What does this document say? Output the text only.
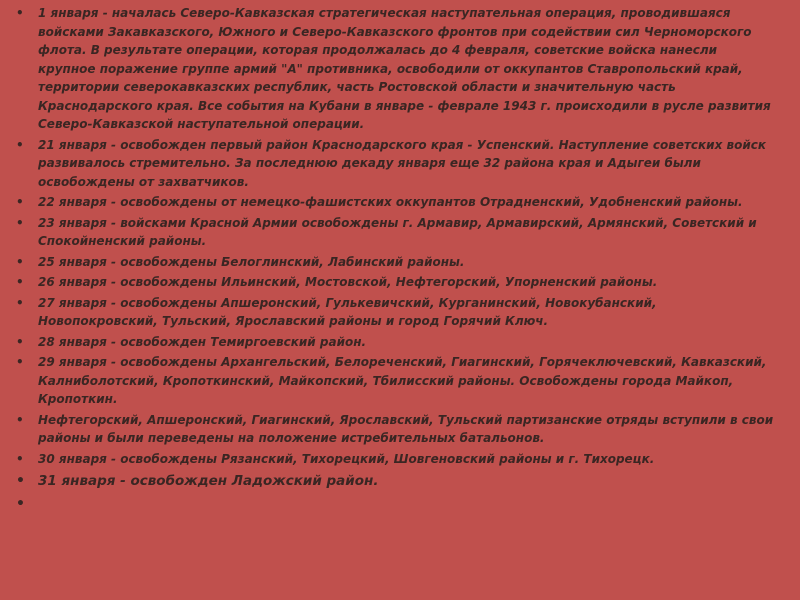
• 1 января - началась Северо-Кавказская стратегическая наступательная операция, проводившаяся войсками Закавказского, Южного и Северо-Кавказского фронтов при содействии сил Черноморского флота. В результате операции, которая продолжалась до 4 февраля, советские войска нанесли крупное поражение группе армий "А" противника, освободили от оккупантов Ставропольский край, территории северокавказских республик, часть Ростовской области и значительную часть Краснодарского края. Все события на Кубани в январе - феврале 1943 г. происходили в русле развития Северо-Кавказской наступательной операции.
• 21 января - освобожден первый район Краснодарского края - Успенский. Наступление советских войск развивалось стремительно. За последнюю декаду января еще 32 района края и Адыгеи были освобождены от захватчиков.
• 22 января - освобождены от немецко-фашистских оккупантов Отрадненский, Удобненский районы.
• 23 января - войсками Красной Армии освобождены г. Армавир, Армавирский, Армянский, Советский и Спокойненский районы.
• 25 января - освобождены Белоглинский, Лабинский районы.
• 26 января - освобождены Ильинский, Мостовской, Нефтегорский, Упорненский районы.
• 27 января - освобождены Апшеронский, Гулькевичский, Курганинский, Новокубанский, Новопокровский, Тульский, Ярославский районы и город Горячий Ключ.
• 28 января - освобожден Темиргоевский район.
• 29 января - освобождены Архангельский, Белореченский, Гиагинский, Горячеключевский, Кавказский, Калниболотский, Кропоткинский, Майкопский, Тбилисский районы. Освобождены города Майкоп, Кропоткин.
• Нефтегорский, Апшеронский, Гиагинский, Ярославский, Тульский партизанские отряды вступили в свои районы и были переведены на положение истребительных батальонов.
• 30 января - освобождены Рязанский, Тихорецкий, Шовгеновский районы и г. Тихорецк.
• 31 января - освобожден Ладожский район.
•
